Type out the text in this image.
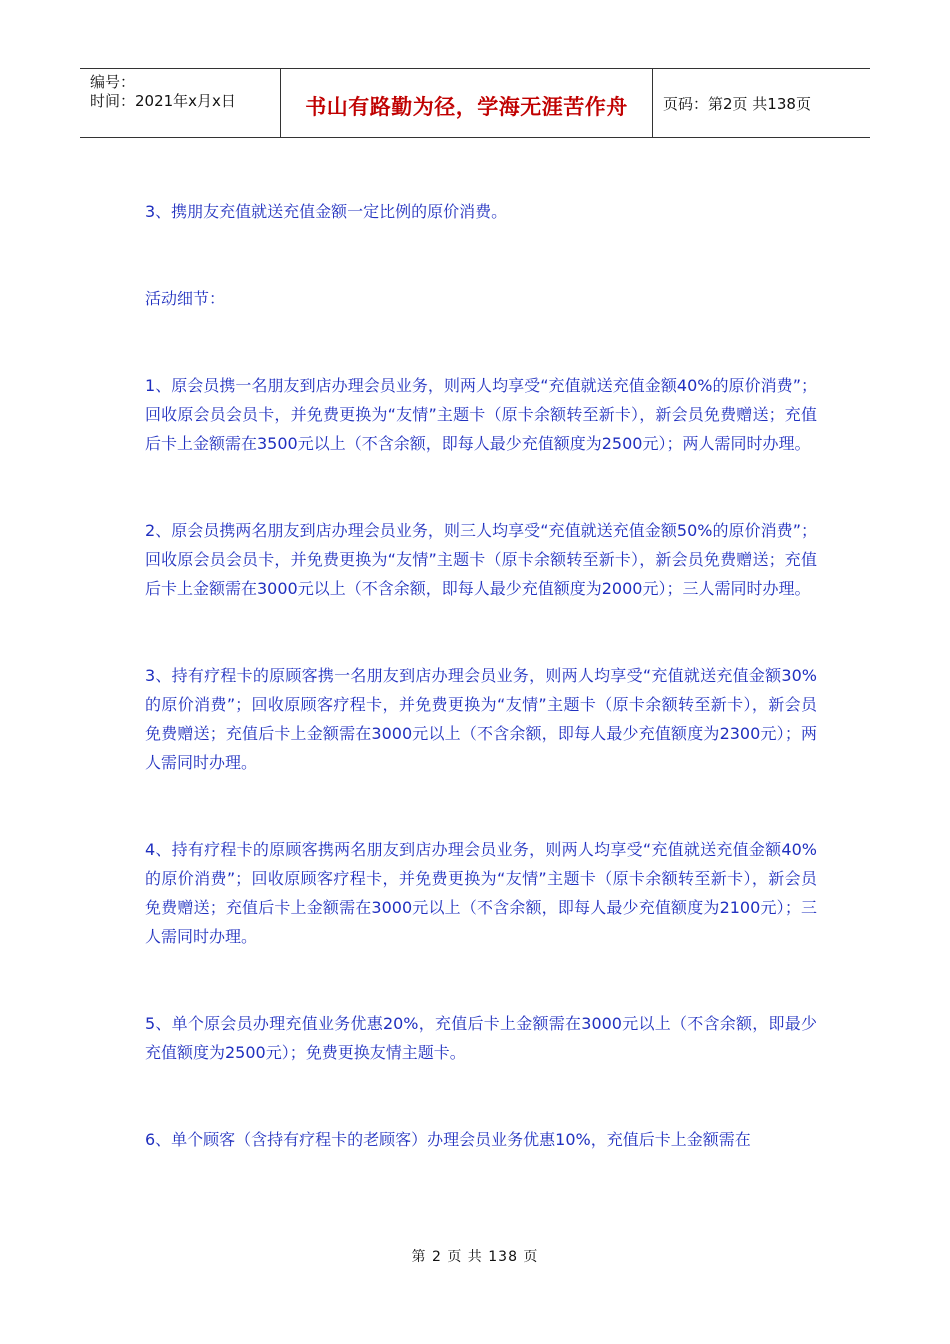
编号：
时间：2021年x月x日	书山有路勤为径，学海无涯苦作舟 页码：第2页 共138页

3、携朋友充值就送充值金额一定比例的原价消费。

活动细节：

1、原会员携一名朋友到店办理会员业务，则两人均享受“充值就送充值金额40%的原价消费”；回收原会员会员卡，并免费更换为“友情”主题卡（原卡余额转至新卡），新会员免费赠送；充值后卡上金额需在3500元以上（不含余额，即每人最少充值额度为2500元）；两人需同时办理。

2、原会员携两名朋友到店办理会员业务，则三人均享受“充值就送充值金额50%的原价消费”；回收原会员会员卡，并免费更换为“友情”主题卡（原卡余额转至新卡），新会员免费赠送；充值后卡上金额需在3000元以上（不含余额，即每人最少充值额度为2000元）；三人需同时办理。

3、持有疗程卡的原顾客携一名朋友到店办理会员业务，则两人均享受“充值就送充值金额30%的原价消费”；回收原顾客疗程卡，并免费更换为“友情”主题卡（原卡余额转至新卡），新会员免费赠送；充值后卡上金额需在3000元以上（不含余额，即每人最少充值额度为2300元）；两人需同时办理。

4、持有疗程卡的原顾客携两名朋友到店办理会员业务，则两人均享受“充值就送充值金额40%的原价消费”；回收原顾客疗程卡，并免费更换为“友情”主题卡（原卡余额转至新卡），新会员免费赠送；充值后卡上金额需在3000元以上（不含余额，即每人最少充值额度为2100元）；三人需同时办理。

5、单个原会员办理充值业务优惠20%，充值后卡上金额需在3000元以上（不含余额，即最少充值额度为2500元）；免费更换友情主题卡。

6、单个顾客（含持有疗程卡的老顾客）办理会员业务优惠10%，充值后卡上金额需在

第 2 页 共 138 页
